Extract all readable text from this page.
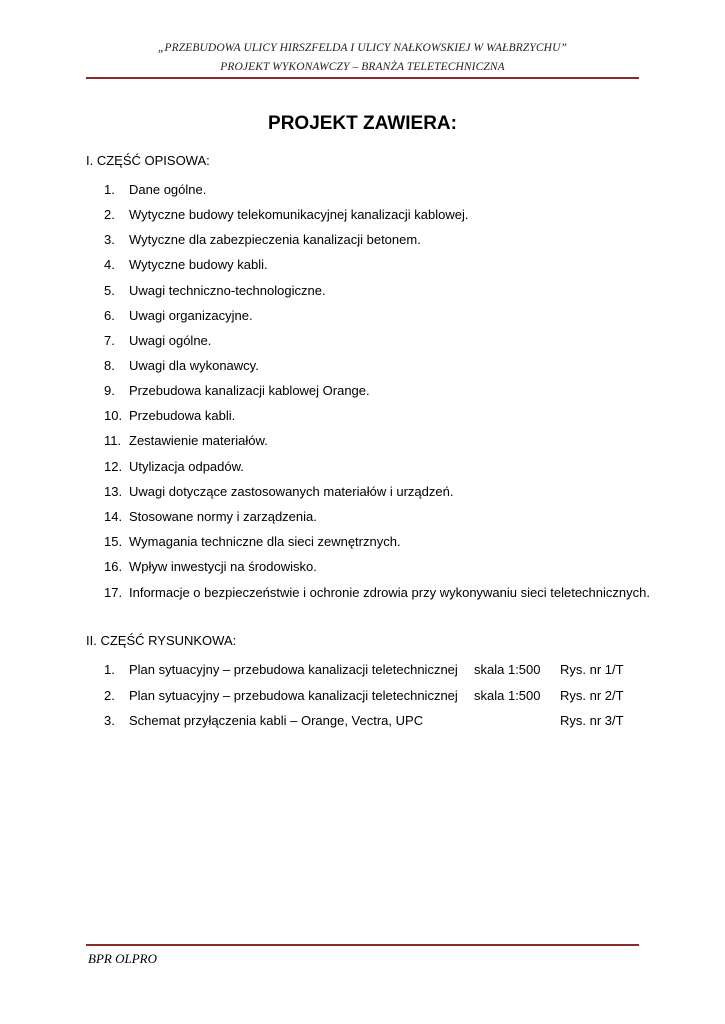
„PRZEBUDOWA ULICY HIRSZFELDA I ULICY NAŁKOWSKIEJ W WAŁBRZYCHU”
PROJEKT WYKONAWCZY – BRANŻA TELETECHNICZNA
PROJEKT ZAWIERA:
I. CZĘŚĆ OPISOWA:
1.	Dane ogólne.
2.	Wytyczne budowy telekomunikacyjnej kanalizacji kablowej.
3.	Wytyczne dla zabezpieczenia kanalizacji betonem.
4.	Wytyczne budowy kabli.
5.	Uwagi techniczno-technologiczne.
6.	Uwagi organizacyjne.
7.	Uwagi ogólne.
8.	Uwagi dla wykonawcy.
9.	Przebudowa kanalizacji kablowej Orange.
10. Przebudowa kabli.
11. Zestawienie materiałów.
12. Utylizacja odpadów.
13. Uwagi dotyczące zastosowanych materiałów i urządzeń.
14. Stosowane normy i zarządzenia.
15. Wymagania techniczne dla sieci zewnętrznych.
16. Wpływ inwestycji na środowisko.
17. Informacje o bezpieczeństwie i ochronie zdrowia przy wykonywaniu sieci teletechnicznych.
II. CZĘŚĆ RYSUNKOWA:
1.	Plan sytuacyjny – przebudowa kanalizacji teletechnicznej skala 1:500 Rys. nr 1/T
2.	Plan sytuacyjny – przebudowa kanalizacji teletechnicznej skala 1:500 Rys. nr 2/T
3.	Schemat przyłączenia kabli – Orange, Vectra, UPC	Rys. nr 3/T
BPR OLPRO
